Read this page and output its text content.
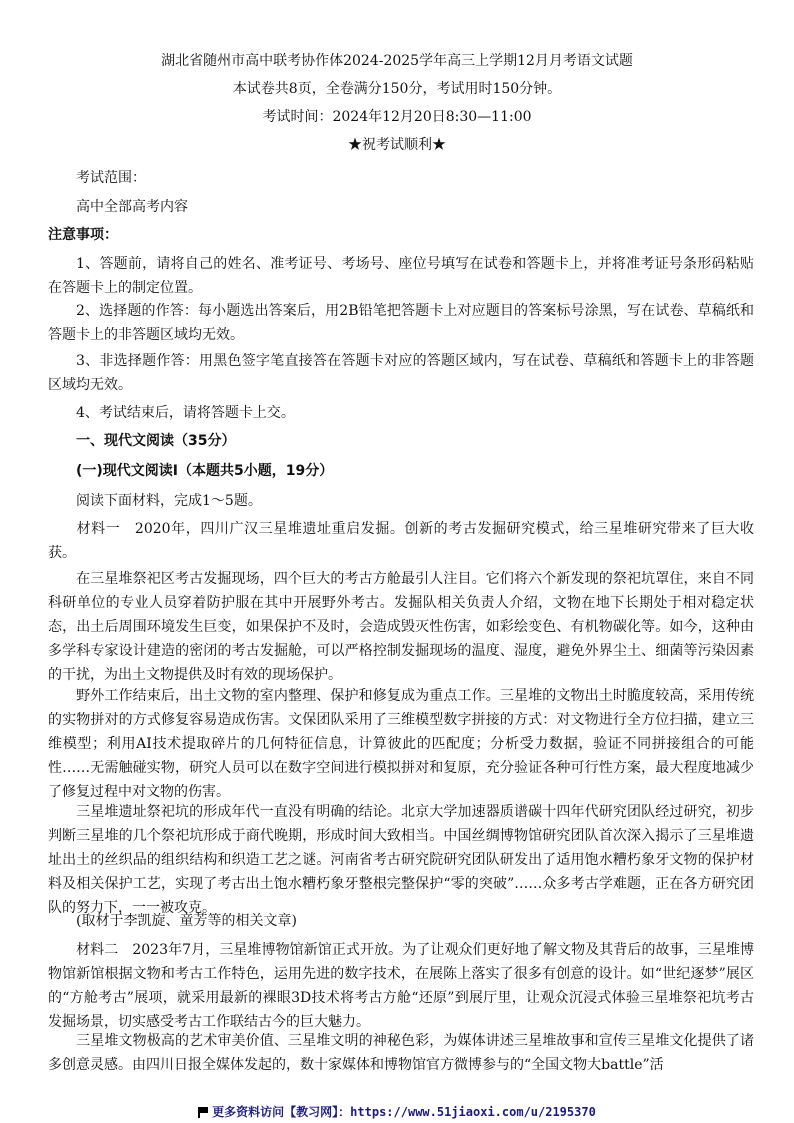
湖北省随州市高中联考协作体2024-2025学年高三上学期12月月考语文试题
本试卷共8页，全卷满分150分，考试用时150分钟。
考试时间：2024年12月20日8:30—11:00
★祝考试顺利★

考试范围：

高中全部高考内容

注意事项：

1、答题前，请将自己的姓名、准考证号、考场号、座位号填写在试卷和答题卡上，并将准考证号条形码粘贴在答题卡上的制定位置。

2、选择题的作答：每小题选出答案后，用2B铅笔把答题卡上对应题目的答案标号涂黑，写在试卷、草稿纸和答题卡上的非答题区域均无效。

3、非选择题作答：用黑色签字笔直接答在答题卡对应的答题区域内，写在试卷、草稿纸和答题卡上的非答题区域均无效。

4、考试结束后，请将答题卡上交。

一、现代文阅读（35分）

(一)现代文阅读Ⅰ（本题共5小题，19分）

阅读下面材料，完成1～5题。

材料一　2020年，四川广汉三星堆遗址重启发掘。创新的考古发掘研究模式，给三星堆研究带来了巨大收获。

在三星堆祭祀区考古发掘现场，四个巨大的考古方舱最引人注目。它们将六个新发现的祭祀坑罩住，来自不同科研单位的专业人员穿着防护服在其中开展野外考古。发掘队相关负责人介绍，文物在地下长期处于相对稳定状态，出土后周围环境发生巨变，如果保护不及时，会造成毁灭性伤害，如彩绘变色、有机物碳化等。如今，这种由多学科专家设计建造的密闭的考古发掘舱，可以严格控制发掘现场的温度、湿度，避免外界尘土、细菌等污染因素的干扰，为出土文物提供及时有效的现场保护。

野外工作结束后，出土文物的室内整理、保护和修复成为重点工作。三星堆的文物出土时脆度较高，采用传统的实物拼对的方式修复容易造成伤害。文保团队采用了三维模型数字拼接的方式：对文物进行全方位扫描，建立三维模型；利用AI技术提取碎片的几何特征信息，计算彼此的匹配度；分析受力数据，验证不同拼接组合的可能性……无需触碰实物，研究人员可以在数字空间进行模拟拼对和复原，充分验证各种可行性方案，最大程度地减少了修复过程中对文物的伤害。

三星堆遗址祭祀坑的形成年代一直没有明确的结论。北京大学加速器质谱碳十四年代研究团队经过研究，初步判断三星堆的几个祭祀坑形成于商代晚期，形成时间大致相当。中国丝绸博物馆研究团队首次深入揭示了三星堆遗址出土的丝织品的组织结构和织造工艺之谜。河南省考古研究院研究团队研发出了适用饱水糟朽象牙文物的保护材料及相关保护工艺，实现了考古出土饱水糟朽象牙整根完整保护“零的突破”……众多考古学难题，正在各方研究团队的努力下，一一被攻克。

(取材于李凯旋、童芳等的相关文章)

材料二　2023年7月，三星堆博物馆新馆正式开放。为了让观众们更好地了解文物及其背后的故事，三星堆博物馆新馆根据文物和考古工作特色，运用先进的数字技术，在展陈上落实了很多有创意的设计。如“世纪逐梦”展区的“方舱考古”展项，就采用最新的裸眼3D技术将考古方舱“还原”到展厅里，让观众沉浸式体验三星堆祭祀坑考古发掘场景，切实感受考古工作联结古今的巨大魅力。

三星堆文物极高的艺术审美价值、三星堆文明的神秘色彩，为媒体讲述三星堆故事和宣传三星堆文化提供了诸多创意灵感。由四川日报全媒体发起的，数十家媒体和博物馆官方微博参与的“全国文物大battle”活

更多资料访问【教习网】：https://www.51jiaoxi.com/u/2195370
